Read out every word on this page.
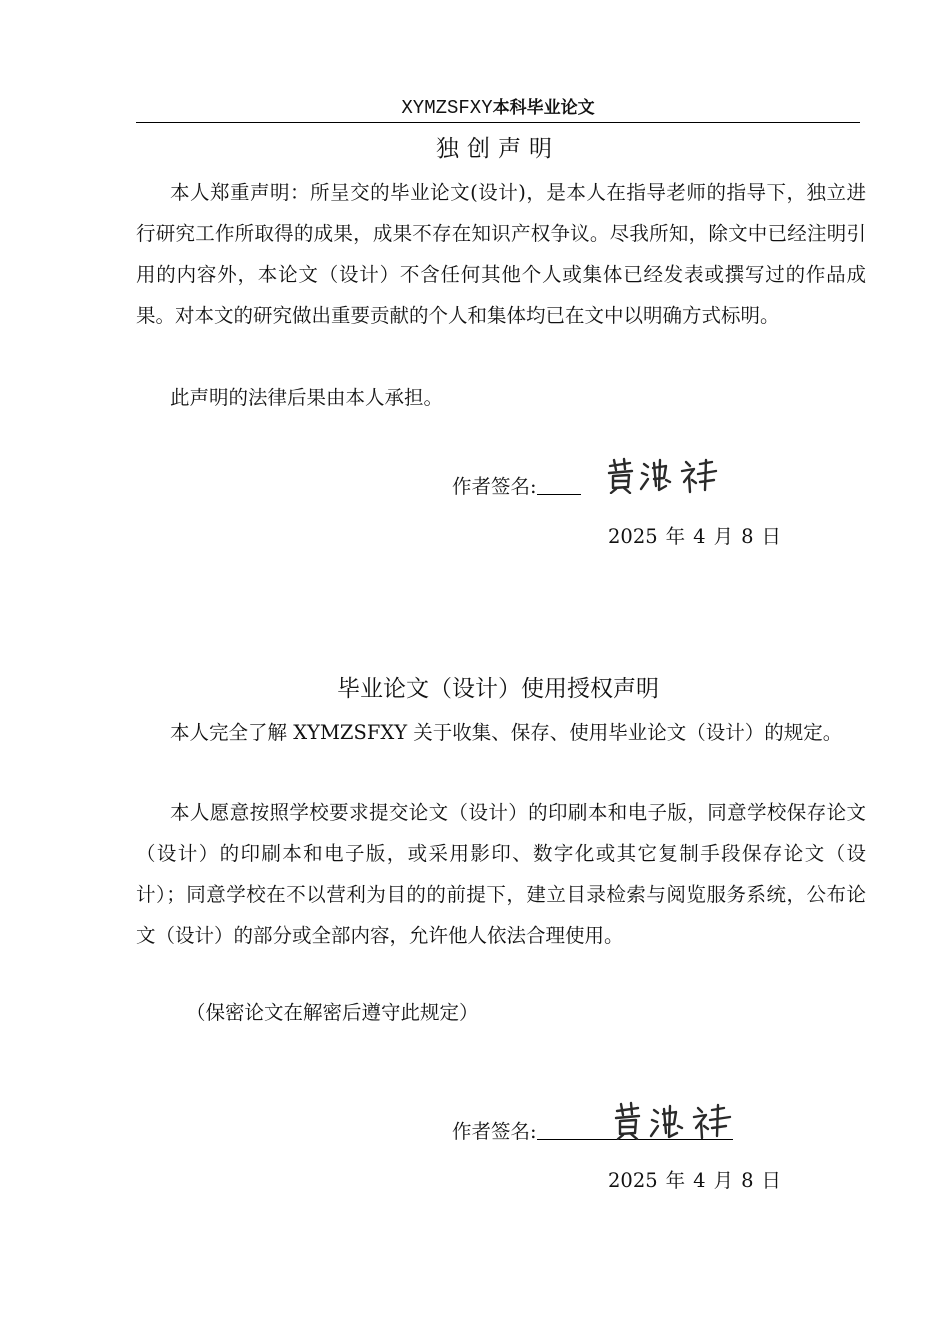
XYMZSFXY本科毕业论文
独创声明

本人郑重声明：所呈交的毕业论文(设计)，是本人在指导老师的指导下，独立进行研究工作所取得的成果，成果不存在知识产权争议。尽我所知，除文中已经注明引用的内容外，本论文（设计）不含任何其他个人或集体已经发表或撰写过的作品成果。对本文的研究做出重要贡献的个人和集体均已在文中以明确方式标明。

此声明的法律后果由本人承担。

作者签名:
2025 年 4 月 8 日
毕业论文（设计）使用授权声明

本人完全了解 XYMZSFXY 关于收集、保存、使用毕业论文（设计）的规定。

本人愿意按照学校要求提交论文（设计）的印刷本和电子版，同意学校保存论文（设计）的印刷本和电子版，或采用影印、数字化或其它复制手段保存论文（设计）；同意学校在不以营利为目的的前提下，建立目录检索与阅览服务系统，公布论文（设计）的部分或全部内容，允许他人依法合理使用。

（保密论文在解密后遵守此规定）

作者签名:
2025 年 4 月 8 日
